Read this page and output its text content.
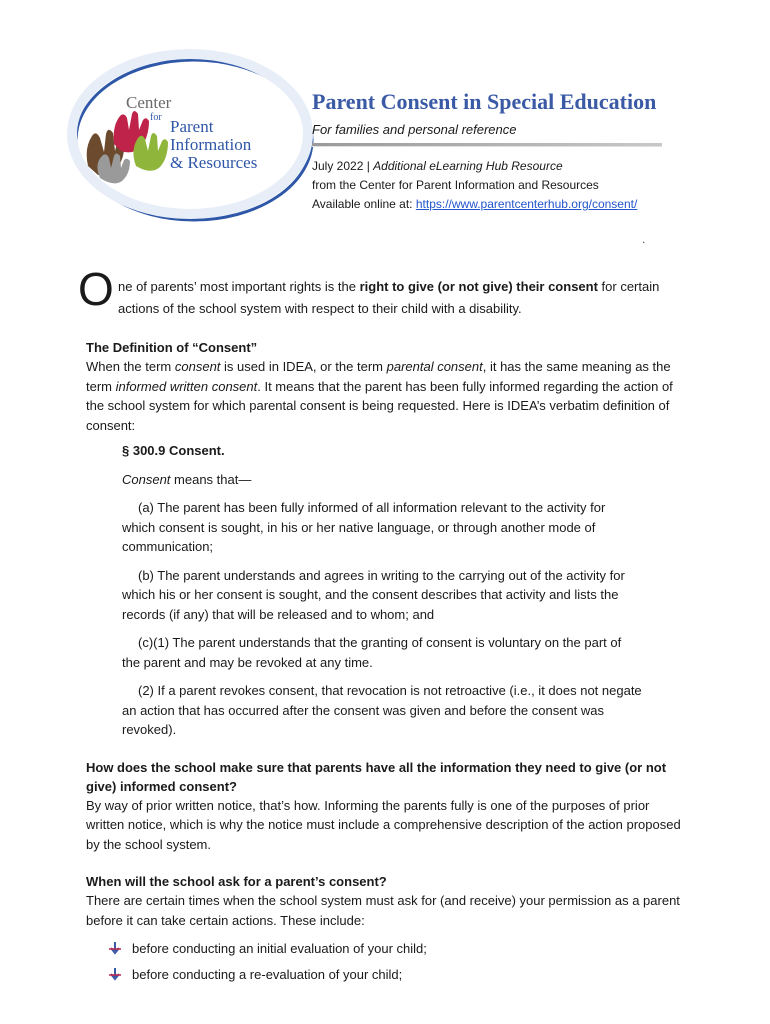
Center
for Parent
Information
& Resources
Parent Consent in Special Education
For families and personal reference
July 2022 | Additional eLearning Hub Resource
from the Center for Parent Information and Resources
Available online at: https://www.parentcenterhub.org/consent/
.
O ne of parents’ most important rights is the right to give (or not give) their consent for certain actions of the school system with respect to their child with a disability.
The Definition of “Consent”

When the term consent is used in IDEA, or the term parental consent, it has the same meaning as the term informed written consent. It means that the parent has been fully informed regarding the action of the school system for which parental consent is being requested. Here is IDEA’s verbatim definition of consent:

§ 300.9 Consent.

Consent means that—

(a) The parent has been fully informed of all information relevant to the activity for which consent is sought, in his or her native language, or through another mode of communication;

(b) The parent understands and agrees in writing to the carrying out of the activity for which his or her consent is sought, and the consent describes that activity and lists the records (if any) that will be released and to whom; and

(c)(1) The parent understands that the granting of consent is voluntary on the part of the parent and may be revoked at any time.

(2) If a parent revokes consent, that revocation is not retroactive (i.e., it does not negate an action that has occurred after the consent was given and before the consent was revoked).

How does the school make sure that parents have all the information they need to give (or not give) informed consent?

By way of prior written notice, that’s how. Informing the parents fully is one of the purposes of prior written notice, which is why the notice must include a comprehensive description of the action proposed by the school system.

When will the school ask for a parent’s consent?

There are certain times when the school system must ask for (and receive) your permission as a parent before it can take certain actions. These include:

before conducting an initial evaluation of your child;
before conducting a re-evaluation of your child;
